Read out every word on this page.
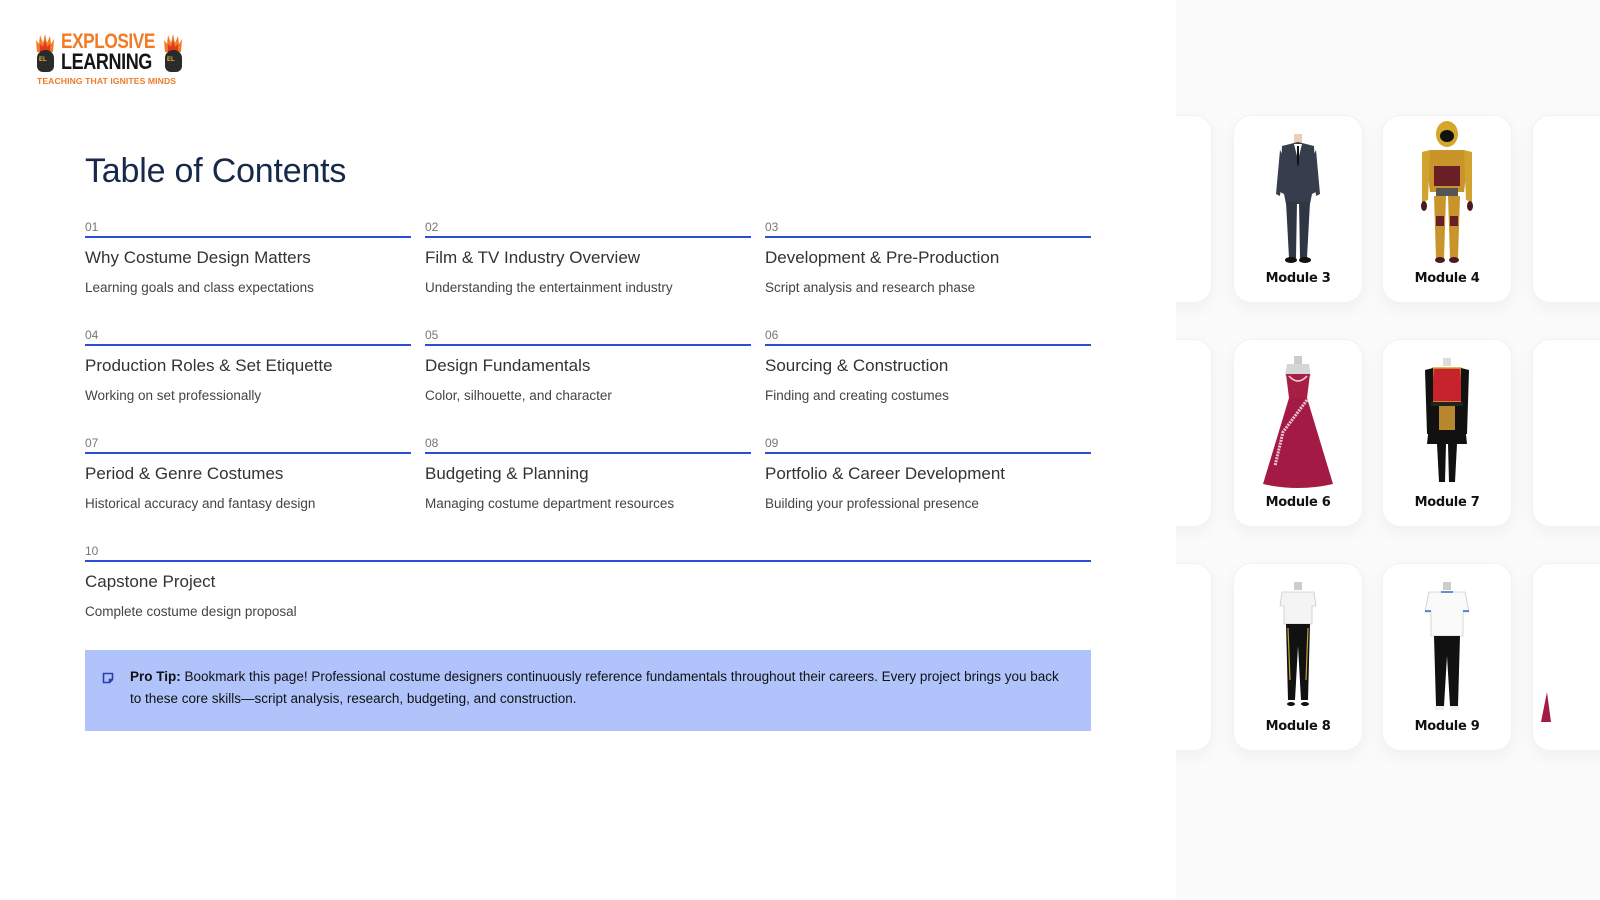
EL
EXPLOSIVE
LEARNING	EL
TEACHING THAT IGNITES MINDS
Table of Contents
01
Why Costume Design Matters
Learning goals and class expectations
02
Film & TV Industry Overview
Understanding the entertainment industry
03
Development & Pre-Production
Script analysis and research phase
04
Production Roles & Set Etiquette
Working on set professionally
05
Design Fundamentals
Color, silhouette, and character
06
Sourcing & Construction
Finding and creating costumes
07
Period & Genre Costumes
Historical accuracy and fantasy design
08
Budgeting & Planning
Managing costume department resources
09
Portfolio & Career Development
Building your professional presence
10
Capstone Project
Complete costume design proposal
Pro Tip: Bookmark this page! Professional costume designers continuously reference fundamentals throughout their careers. Every project brings you back to these core skills—script analysis, research, budgeting, and construction.
Module 3	Module 4
Module 6	Module 7
Module 8	Module 9
